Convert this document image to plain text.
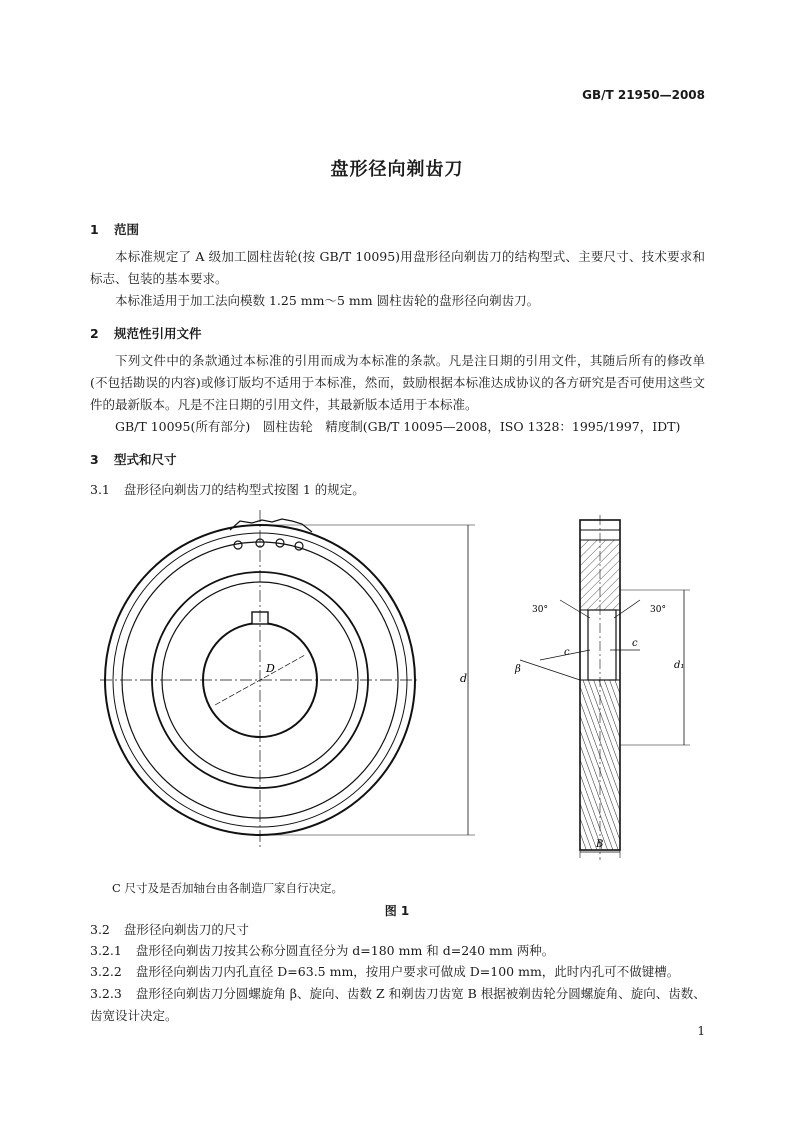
GB/T 21950—2008
盘形径向剃齿刀
1 范围
本标准规定了 A 级加工圆柱齿轮(按 GB/T 10095)用盘形径向剃齿刀的结构型式、主要尺寸、技术要求和标志、包装的基本要求。
本标准适用于加工法向模数 1.25 mm～5 mm 圆柱齿轮的盘形径向剃齿刀。
2 规范性引用文件
下列文件中的条款通过本标准的引用而成为本标准的条款。凡是注日期的引用文件，其随后所有的修改单(不包括勘误的内容)或修订版均不适用于本标准，然而，鼓励根据本标准达成协议的各方研究是否可使用这些文件的最新版本。凡是不注日期的引用文件，其最新版本适用于本标准。
GB/T 10095(所有部分)　圆柱齿轮　精度制(GB/T 10095—2008，ISO 1328：1995/1997，IDT)
3 型式和尺寸
3.1 盘形径向剃齿刀的结构型式按图 1 的规定。
D
d
30°	30°
c
c
β	d₁
B
C 尺寸及是否加轴台由各制造厂家自行决定。
图 1
3.2 盘形径向剃齿刀的尺寸
3.2.1 盘形径向剃齿刀按其公称分圆直径分为 d=180 mm 和 d=240 mm 两种。
3.2.2 盘形径向剃齿刀内孔直径 D=63.5 mm，按用户要求可做成 D=100 mm，此时内孔可不做键槽。
3.2.3 盘形径向剃齿刀分圆螺旋角 β、旋向、齿数 Z 和剃齿刀齿宽 B 根据被剃齿轮分圆螺旋角、旋向、齿数、齿宽设计决定。
1
